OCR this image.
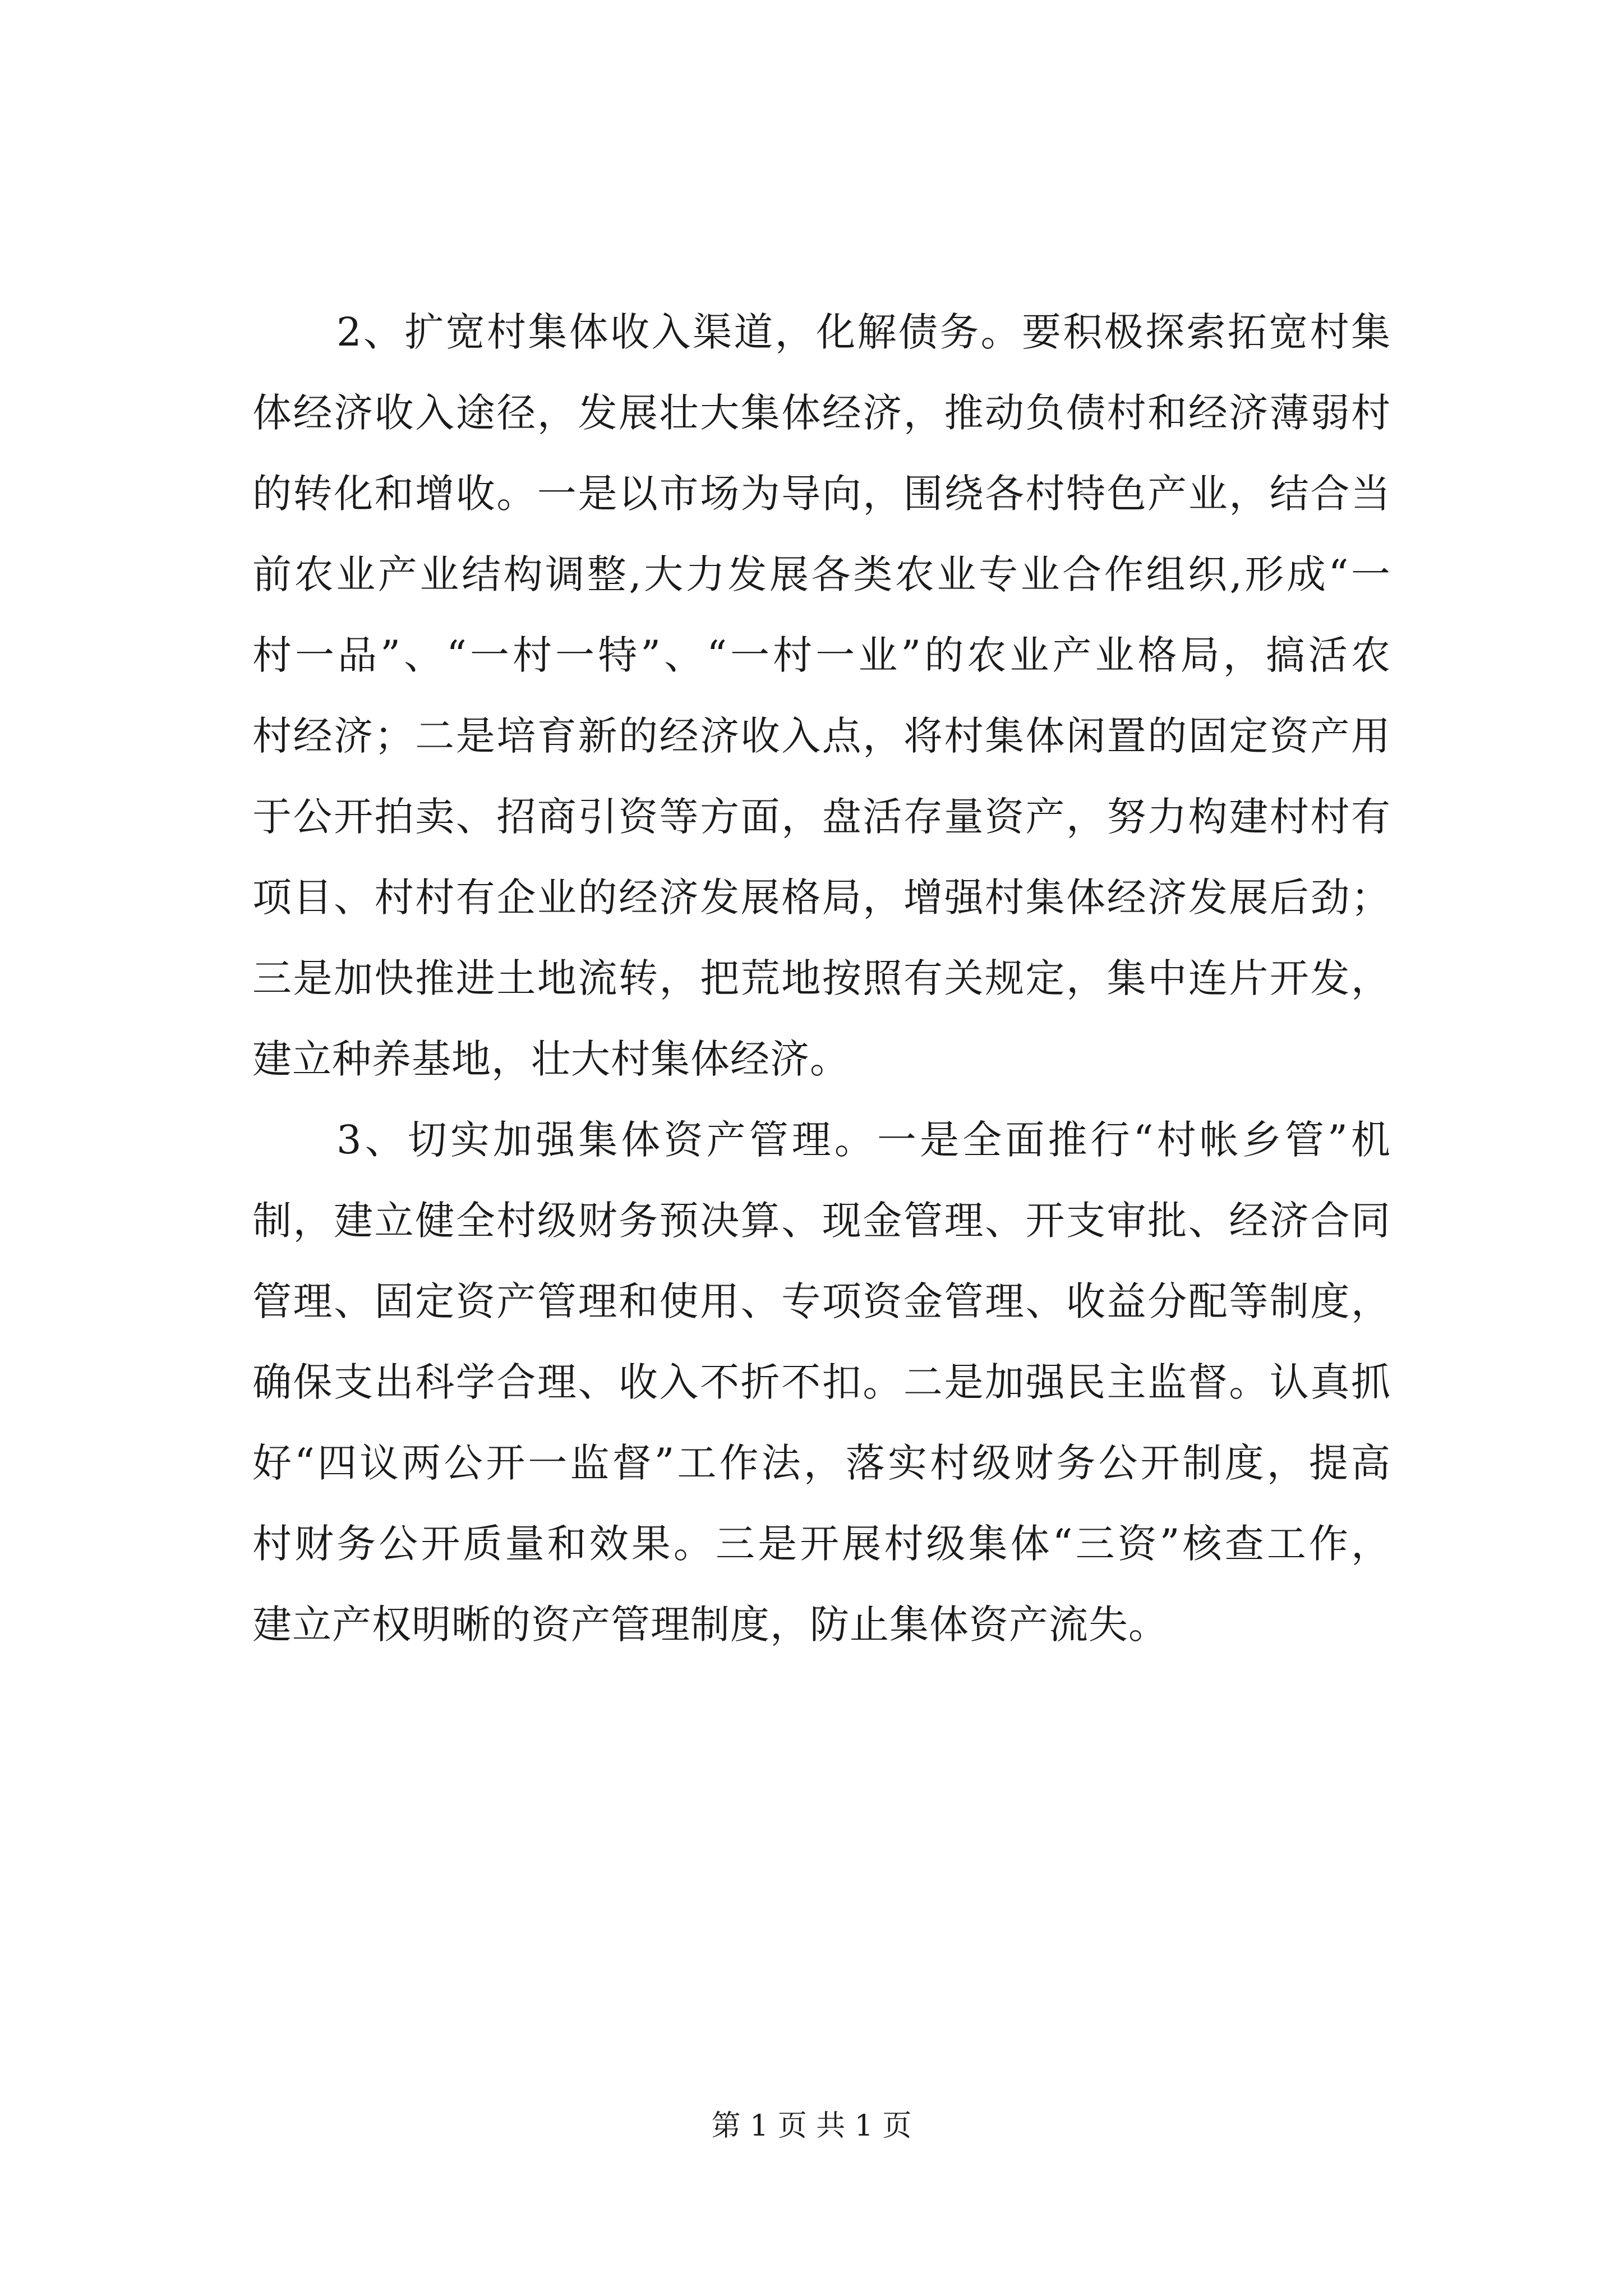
2、扩宽村集体收入渠道，化解债务。要积极探索拓宽村集
体经济收入途径，发展壮大集体经济，推动负债村和经济薄弱村
的转化和增收。一是以市场为导向，围绕各村特色产业，结合当
前农业产业结构调整,大力发展各类农业专业合作组织,形成“一
村一品”、“一村一特”、“一村一业”的农业产业格局，搞活农
村经济；二是培育新的经济收入点，将村集体闲置的固定资产用
于公开拍卖、招商引资等方面，盘活存量资产，努力构建村村有
项目、村村有企业的经济发展格局，增强村集体经济发展后劲；
三是加快推进土地流转，把荒地按照有关规定，集中连片开发，
建立种养基地，壮大村集体经济。
3、切实加强集体资产管理。一是全面推行“村帐乡管”机
制，建立健全村级财务预决算、现金管理、开支审批、经济合同
管理、固定资产管理和使用、专项资金管理、收益分配等制度，
确保支出科学合理、收入不折不扣。二是加强民主监督。认真抓
好“四议两公开一监督”工作法，落实村级财务公开制度，提高
村财务公开质量和效果。三是开展村级集体“三资”核查工作，
建立产权明晰的资产管理制度，防止集体资产流失。
第 1 页 共 1 页
